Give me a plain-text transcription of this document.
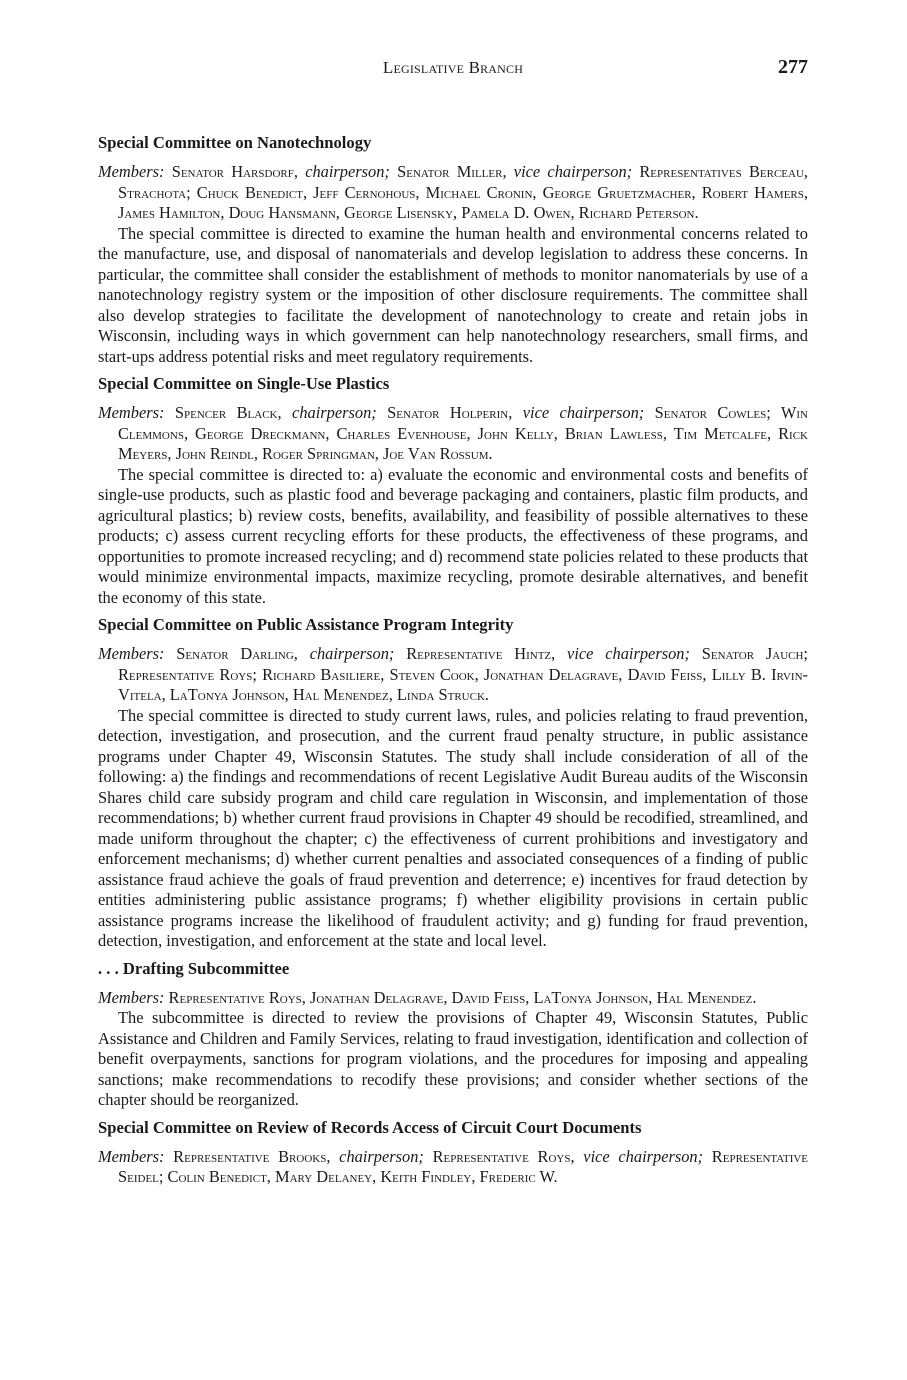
Legislative Branch	277
Special Committee on Nanotechnology

Members: Senator Harsdorf, chairperson; Senator Miller, vice chairperson; Representatives Berceau, Strachota; Chuck Benedict, Jeff Cernohous, Michael Cronin, George Gruetzmacher, Robert Hamers, James Hamilton, Doug Hansmann, George Lisensky, Pamela D. Owen, Richard Peterson.

The special committee is directed to examine the human health and environmental concerns related to the manufacture, use, and disposal of nanomaterials and develop legislation to address these concerns. In particular, the committee shall consider the establishment of methods to monitor nanomaterials by use of a nanotechnology registry system or the imposition of other disclosure requirements. The committee shall also develop strategies to facilitate the development of nanotechnology to create and retain jobs in Wisconsin, including ways in which government can help nanotechnology researchers, small firms, and start-ups address potential risks and meet regulatory requirements.

Special Committee on Single-Use Plastics

Members: Spencer Black, chairperson; Senator Holperin, vice chairperson; Senator Cowles; Win Clemmons, George Dreckmann, Charles Evenhouse, John Kelly, Brian Lawless, Tim Metcalfe, Rick Meyers, John Reindl, Roger Springman, Joe Van Rossum.

The special committee is directed to: a) evaluate the economic and environmental costs and benefits of single-use products, such as plastic food and beverage packaging and containers, plastic film products, and agricultural plastics; b) review costs, benefits, availability, and feasibility of possible alternatives to these products; c) assess current recycling efforts for these products, the effectiveness of these programs, and opportunities to promote increased recycling; and d) recommend state policies related to these products that would minimize environmental impacts, maximize recycling, promote desirable alternatives, and benefit the economy of this state.

Special Committee on Public Assistance Program Integrity

Members: Senator Darling, chairperson; Representative Hintz, vice chairperson; Senator Jauch; Representative Roys; Richard Basiliere, Steven Cook, Jonathan Delagrave, David Feiss, Lilly B. Irvin-Vitela, LaTonya Johnson, Hal Menendez, Linda Struck.

The special committee is directed to study current laws, rules, and policies relating to fraud prevention, detection, investigation, and prosecution, and the current fraud penalty structure, in public assistance programs under Chapter 49, Wisconsin Statutes. The study shall include consideration of all of the following: a) the findings and recommendations of recent Legislative Audit Bureau audits of the Wisconsin Shares child care subsidy program and child care regulation in Wisconsin, and implementation of those recommendations; b) whether current fraud provisions in Chapter 49 should be recodified, streamlined, and made uniform throughout the chapter; c) the effectiveness of current prohibitions and investigatory and enforcement mechanisms; d) whether current penalties and associated consequences of a finding of public assistance fraud achieve the goals of fraud prevention and deterrence; e) incentives for fraud detection by entities administering public assistance programs; f) whether eligibility provisions in certain public assistance programs increase the likelihood of fraudulent activity; and g) funding for fraud prevention, detection, investigation, and enforcement at the state and local level.

. . . Drafting Subcommittee

Members: Representative Roys, Jonathan Delagrave, David Feiss, LaTonya Johnson, Hal Menendez.

The subcommittee is directed to review the provisions of Chapter 49, Wisconsin Statutes, Public Assistance and Children and Family Services, relating to fraud investigation, identification and collection of benefit overpayments, sanctions for program violations, and the procedures for imposing and appealing sanctions; make recommendations to recodify these provisions; and consider whether sections of the chapter should be reorganized.

Special Committee on Review of Records Access of Circuit Court Documents

Members: Representative Brooks, chairperson; Representative Roys, vice chairperson; Representative Seidel; Colin Benedict, Mary Delaney, Keith Findley, Frederic W.
